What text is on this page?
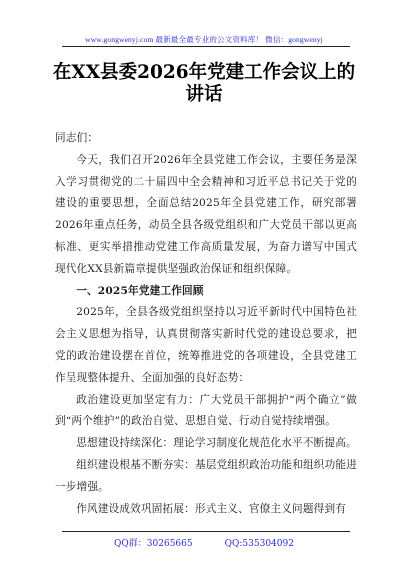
www.gongwenyj.com 最新最全最专业的公文资料库！ 微信：gongwenyj
在XX县委2026年党建工作会议上的讲话

同志们：

今天，我们召开2026年全县党建工作会议，主要任务是深入学习贯彻党的二十届四中全会精神和习近平总书记关于党的建设的重要思想，全面总结2025年全县党建工作，研究部署2026年重点任务，动员全县各级党组织和广大党员干部以更高标准、更实举措推动党建工作高质量发展，为奋力谱写中国式现代化XX县新篇章提供坚强政治保证和组织保障。

一、2025年党建工作回顾

2025年，全县各级党组织坚持以习近平新时代中国特色社会主义思想为指导，认真贯彻落实新时代党的建设总要求，把党的政治建设摆在首位，统筹推进党的各项建设，全县党建工作呈现整体提升、全面加强的良好态势：

政治建设更加坚定有力：广大党员干部拥护“两个确立”做到“两个维护”的政治自觉、思想自觉、行动自觉持续增强。

思想建设持续深化：理论学习制度化规范化水平不断提高。

组织建设根基不断夯实：基层党组织政治功能和组织功能进一步增强。

作风建设成效巩固拓展：形式主义、官僚主义问题得到有

QQ群：30265665	QQ:535304092
